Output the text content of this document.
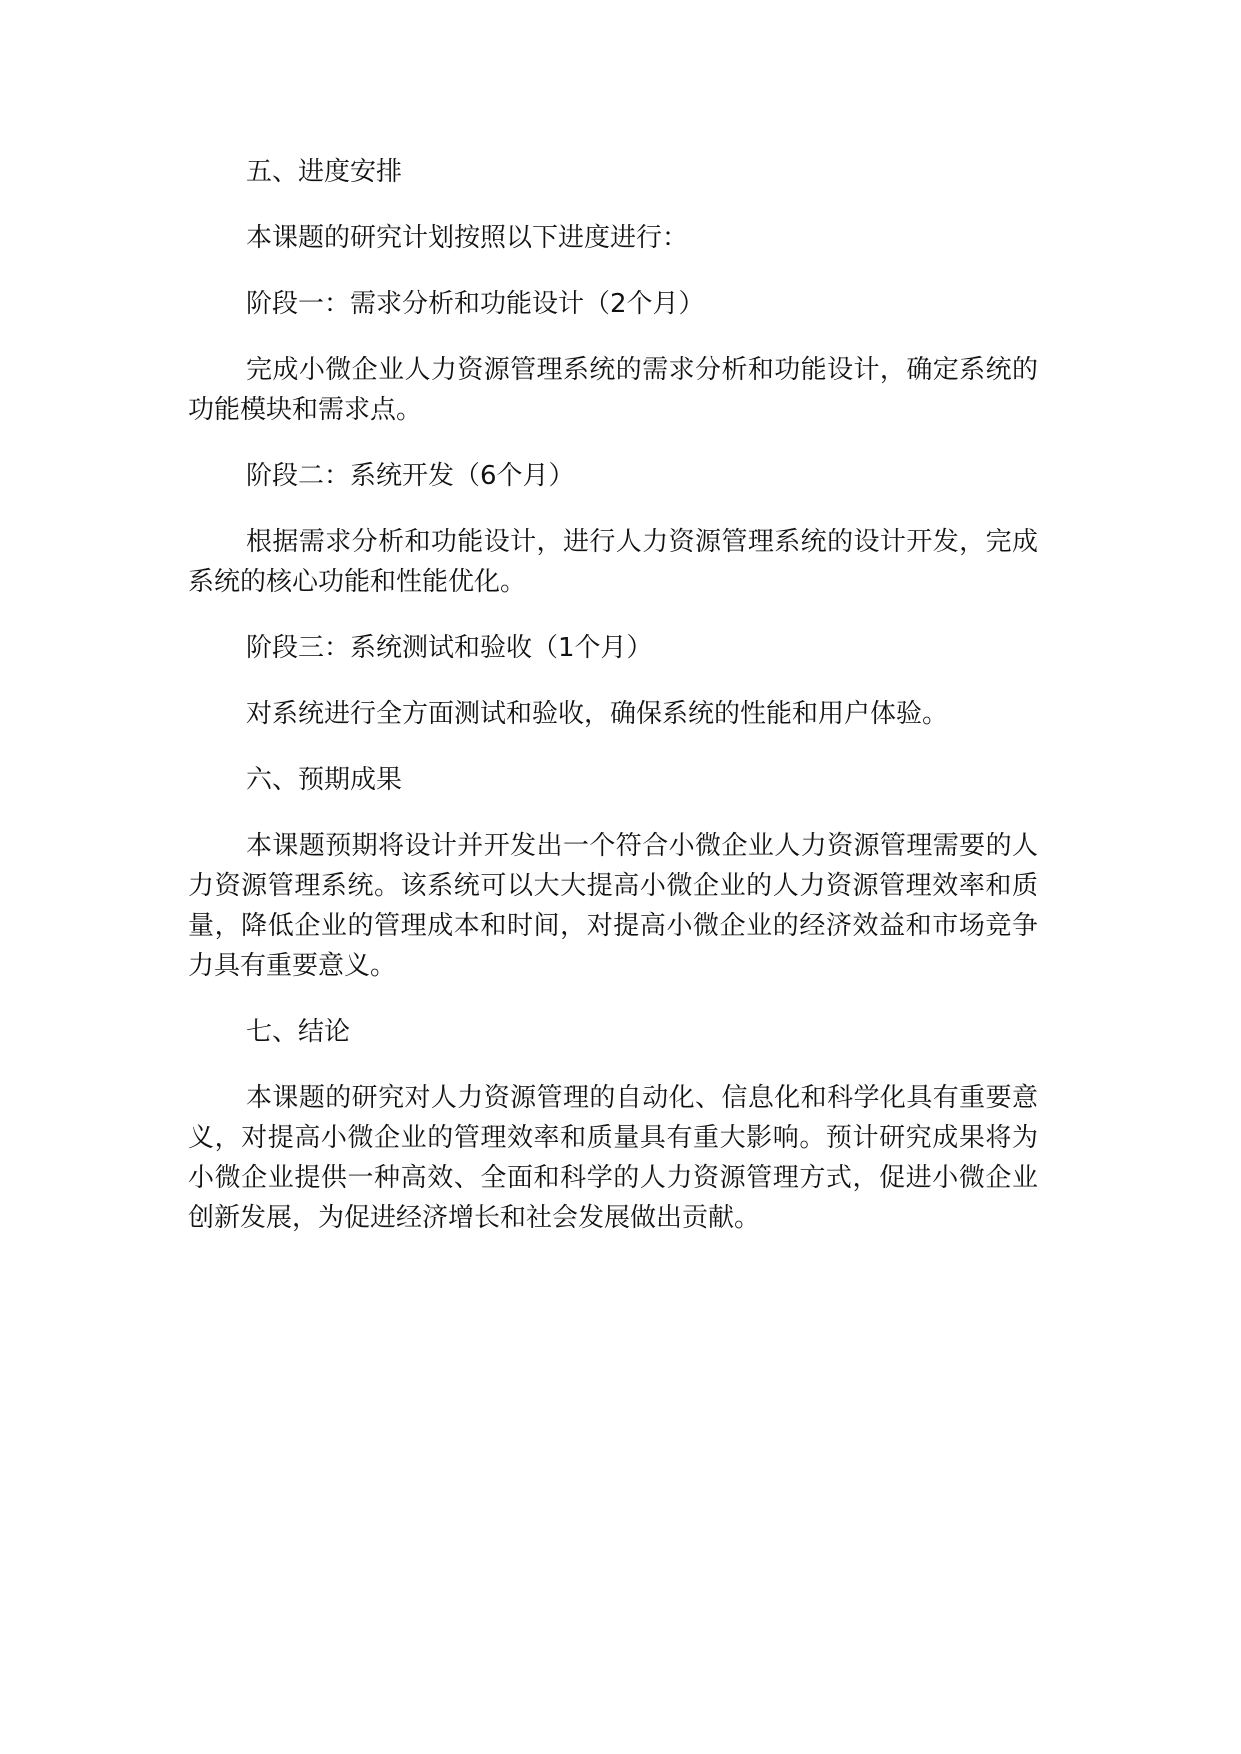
五、进度安排

本课题的研究计划按照以下进度进行：

阶段一：需求分析和功能设计（2个月）

完成小微企业人力资源管理系统的需求分析和功能设计，确定系统的功能模块和需求点。

阶段二：系统开发（6个月）

根据需求分析和功能设计，进行人力资源管理系统的设计开发，完成系统的核心功能和性能优化。

阶段三：系统测试和验收（1个月）

对系统进行全方面测试和验收，确保系统的性能和用户体验。

六、预期成果

本课题预期将设计并开发出一个符合小微企业人力资源管理需要的人力资源管理系统。该系统可以大大提高小微企业的人力资源管理效率和质量，降低企业的管理成本和时间，对提高小微企业的经济效益和市场竞争力具有重要意义。

七、结论

本课题的研究对人力资源管理的自动化、信息化和科学化具有重要意义，对提高小微企业的管理效率和质量具有重大影响。预计研究成果将为小微企业提供一种高效、全面和科学的人力资源管理方式，促进小微企业创新发展，为促进经济增长和社会发展做出贡献。
